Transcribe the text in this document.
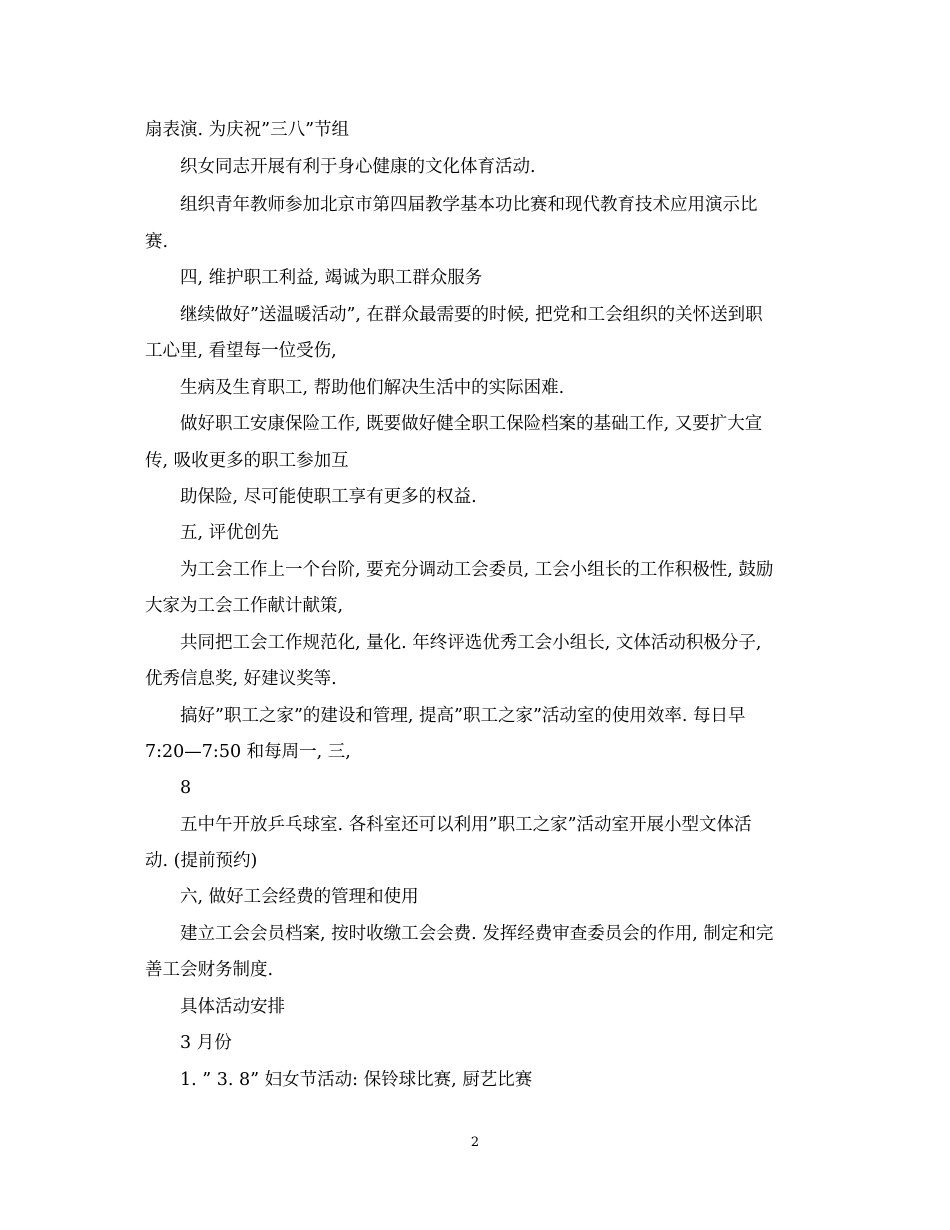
扇表演. 为庆祝”三八”节组
织女同志开展有利于身心健康的文化体育活动.
组织青年教师参加北京市第四届教学基本功比赛和现代教育技术应用演示比
赛.
四, 维护职工利益, 竭诚为职工群众服务
继续做好”送温暖活动”, 在群众最需要的时候, 把党和工会组织的关怀送到职
工心里, 看望每一位受伤,
生病及生育职工, 帮助他们解决生活中的实际困难.
做好职工安康保险工作, 既要做好健全职工保险档案的基础工作, 又要扩大宣
传, 吸收更多的职工参加互
助保险, 尽可能使职工享有更多的权益.
五, 评优创先
为工会工作上一个台阶, 要充分调动工会委员, 工会小组长的工作积极性, 鼓励
大家为工会工作献计献策,
共同把工会工作规范化, 量化. 年终评选优秀工会小组长, 文体活动积极分子,
优秀信息奖, 好建议奖等.
搞好”职工之家”的建设和管理, 提高”职工之家”活动室的使用效率. 每日早
7:20—7:50 和每周一, 三,
8
五中午开放乒乓球室. 各科室还可以利用”职工之家”活动室开展小型文体活
动. (提前预约)
六, 做好工会经费的管理和使用
建立工会会员档案, 按时收缴工会会费. 发挥经费审查委员会的作用, 制定和完
善工会财务制度.
具体活动安排
3 月份
1. ” 3. 8” 妇女节活动: 保铃球比赛, 厨艺比赛
2
